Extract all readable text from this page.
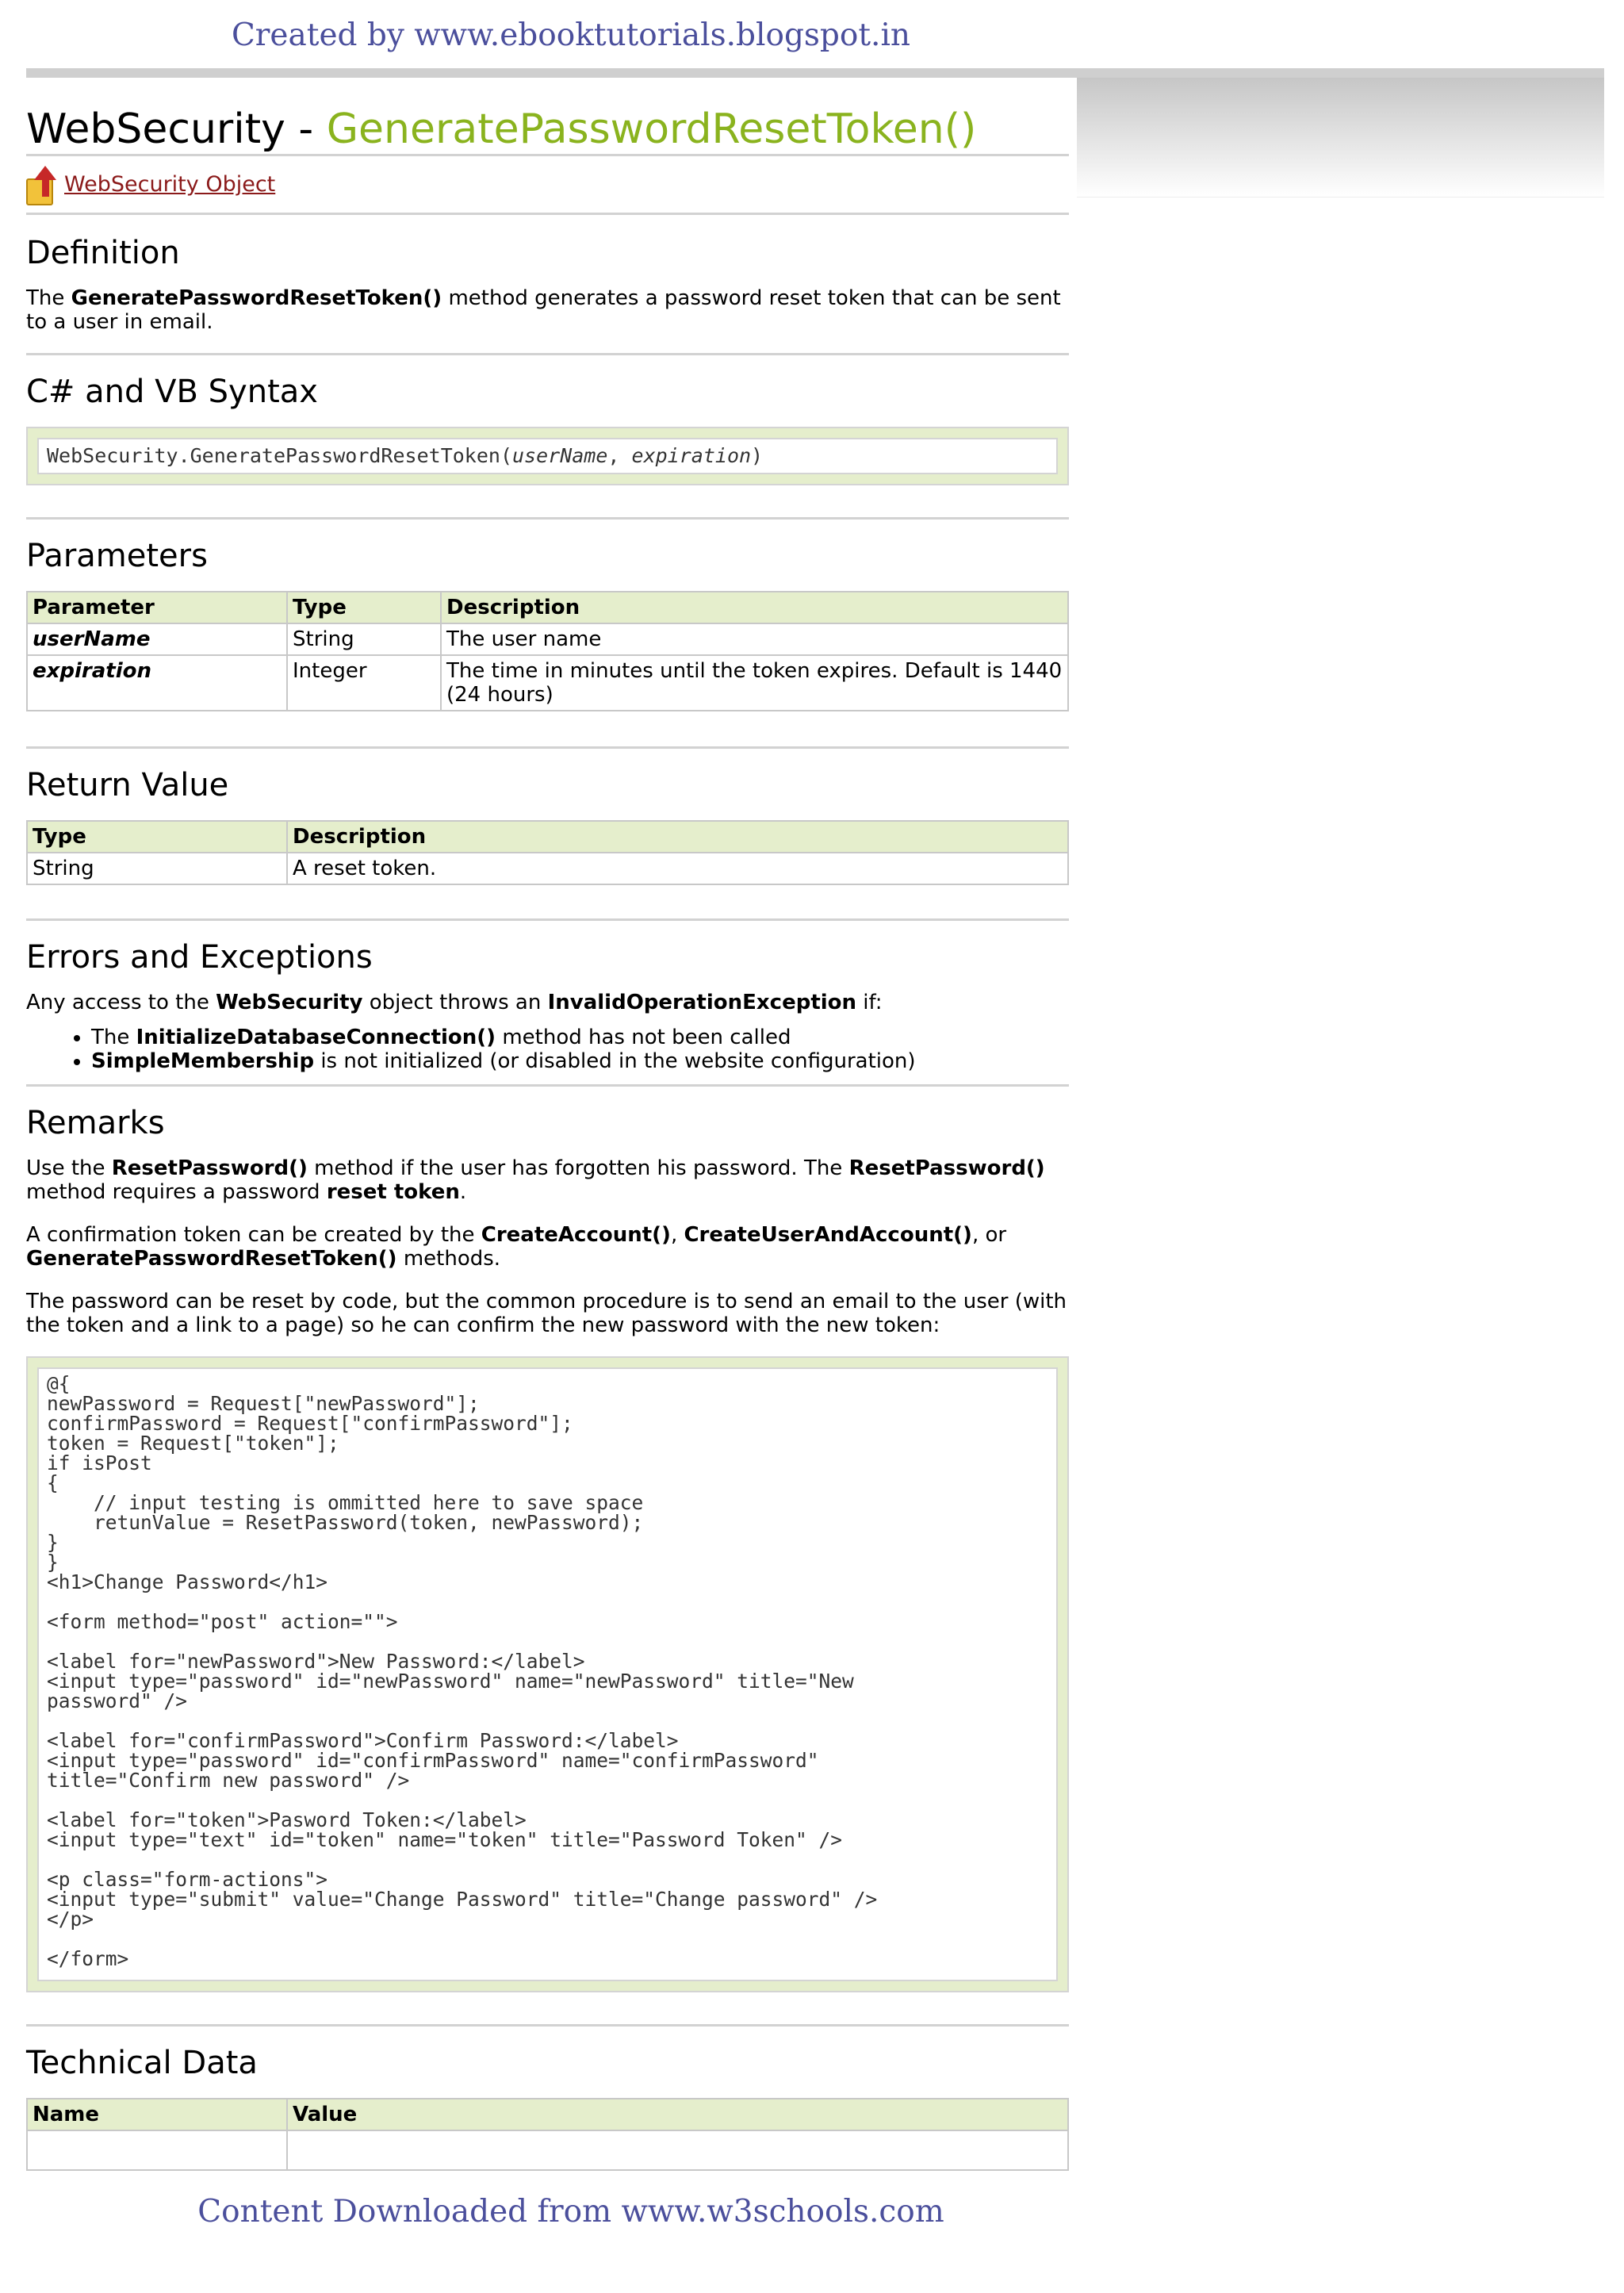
Created by www.ebooktutorials.blogspot.in
WebSecurity - GeneratePasswordResetToken()
WebSecurity Object
Definition

The GeneratePasswordResetToken() method generates a password reset token that can be sent to a user in email.

C# and VB Syntax
WebSecurity.GeneratePasswordResetToken(userName, expiration)
Parameters
Parameter	Type	Description
userName	String	The user name
expiration	Integer	The time in minutes until the token expires. Default is 1440 (24 hours)
Return Value
Type	Description
String	A reset token.
Errors and Exceptions

Any access to the WebSecurity object throws an InvalidOperationException if:

• The InitializeDatabaseConnection() method has not been called
• SimpleMembership is not initialized (or disabled in the website configuration)
Remarks

Use the ResetPassword() method if the user has forgotten his password. The ResetPassword() method requires a password reset token.

A confirmation token can be created by the CreateAccount(), CreateUserAndAccount(), or GeneratePasswordResetToken() methods.

The password can be reset by code, but the common procedure is to send an email to the user (with the token and a link to a page) so he can confirm the new password with the new token:

@{
newPassword = Request["newPassword"];
confirmPassword = Request["confirmPassword"];
token = Request["token"];
if isPost
{
// input testing is ommitted here to save space
retunValue = ResetPassword(token, newPassword);
}
}
<h1>Change Password</h1>

<form method="post" action="">

<label for="newPassword">New Password:</label>
<input type="password" id="newPassword" name="newPassword" title="New
password" />

<label for="confirmPassword">Confirm Password:</label>
<input type="password" id="confirmPassword" name="confirmPassword"
title="Confirm new password" />

<label for="token">Pasword Token:</label>
<input type="text" id="token" name="token" title="Password Token" />

<p class="form-actions">
<input type="submit" value="Change Password" title="Change password" />
</p>

</form>
Technical Data
Name	Value

Content Downloaded from www.w3schools.com
